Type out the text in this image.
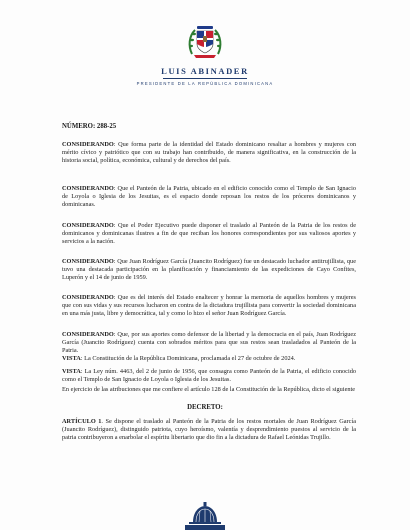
LUIS ABINADER
PRESIDENTE DE LA REPÚBLICA DOMINICANA
NÚMERO: 288-25

CONSIDERANDO: Que forma parte de la identidad del Estado dominicano resaltar a hombres y mujeres con mérito cívico y patriótico que con su trabajo han contribuido, de manera significativa, en la construcción de la historia social, política, económica, cultural y de derechos del país.

CONSIDERANDO: Que el Panteón de la Patria, ubicado en el edificio conocido como el Templo de San Ignacio de Loyola o Iglesia de los Jesuitas, es el espacio donde reposan los restos de los próceres dominicanos y dominicanas.

CONSIDERANDO: Que el Poder Ejecutivo puede disponer el traslado al Panteón de la Patria de los restos de dominicanos y dominicanas ilustres a fin de que reciban los honores correspondientes por sus valiosos aportes y servicios a la nación.

CONSIDERANDO: Que Juan Rodríguez García (Juancito Rodríguez) fue un destacado luchador antitrujillista, que tuvo una destacada participación en la planificación y financiamiento de las expediciones de Cayo Confites, Luperón y el 14 de junio de 1959.

CONSIDERANDO: Que es del interés del Estado enaltecer y honrar la memoria de aquellos hombres y mujeres que con sus vidas y sus recursos lucharon en contra de la dictadura trujillista para convertir la sociedad dominicana en una más justa, libre y democrática, tal y como lo hizo el señor Juan Rodríguez García.

CONSIDERANDO: Que, por sus aportes como defensor de la libertad y la democracia en el país, Juan Rodríguez García (Juancito Rodríguez) cuenta con sobrados méritos para que sus restos sean trasladados al Panteón de la Patria.

VISTA: La Constitución de la República Dominicana, proclamada el 27 de octubre de 2024.

VISTA: La Ley núm. 4463, del 2 de junio de 1956, que consagra como Panteón de la Patria, el edificio conocido como el Templo de San Ignacio de Loyola o Iglesia de los Jesuitas.

En ejercicio de las atribuciones que me confiere el artículo 128 de la Constitución de la República, dicto el siguiente

DECRETO:

ARTÍCULO 1. Se dispone el traslado al Panteón de la Patria de los restos mortales de Juan Rodríguez García (Juancito Rodríguez), distinguido patriota, cuyo heroísmo, valentía y desprendimiento puestos al servicio de la patria contribuyeron a enarbolar el espíritu libertario que dio fin a la dictadura de Rafael Leónidas Trujillo.
